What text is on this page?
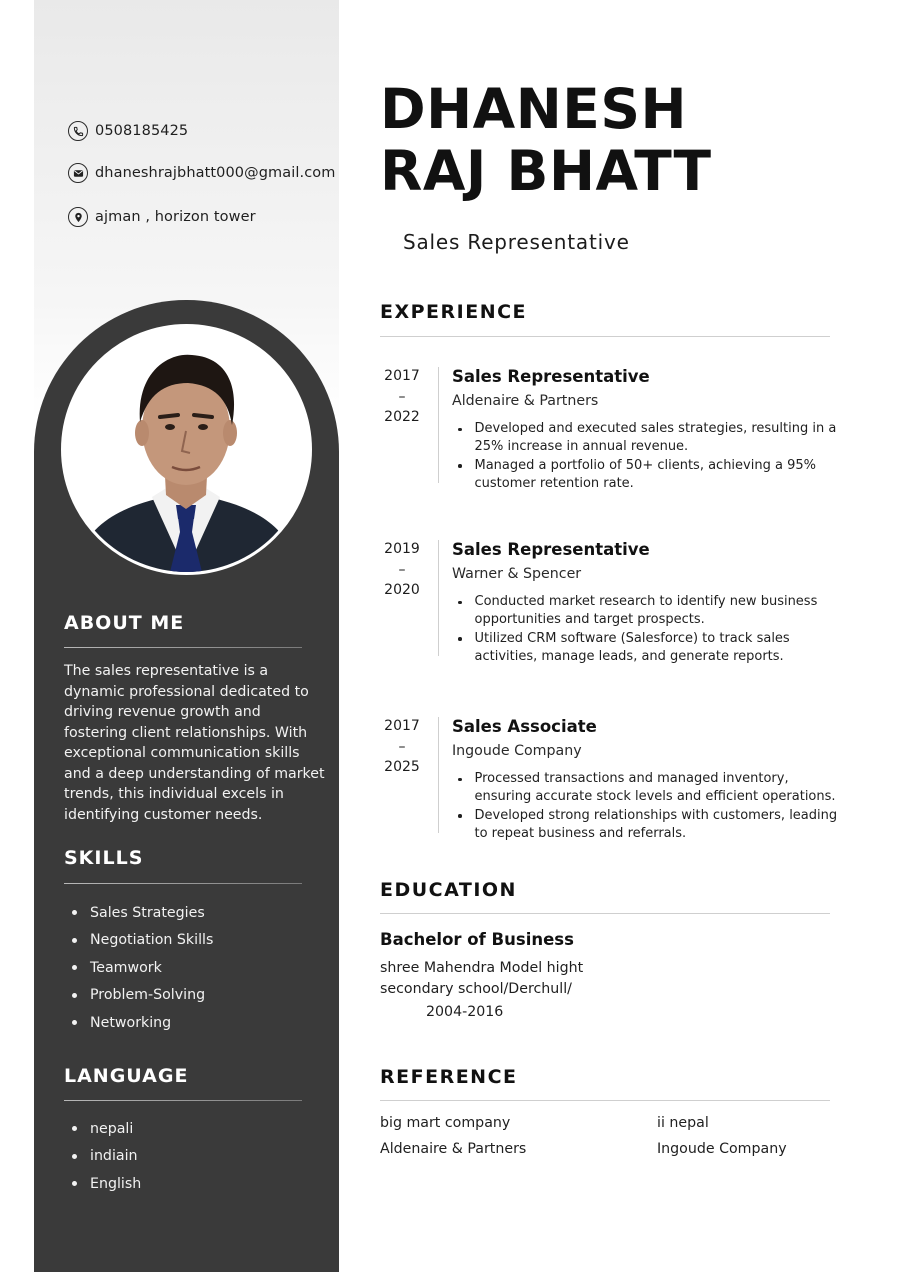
0508185425
dhaneshrajbhatt000@gmail.com
ajman , horizon tower
ABOUT ME
The sales representative is a dynamic professional dedicated to driving revenue growth and fostering client relationships. With exceptional communication skills and a deep understanding of market trends, this individual excels in identifying customer needs.
SKILLS
Sales Strategies
Negotiation Skills
Teamwork
Problem-Solving
Networking
LANGUAGE
nepali
indiain
English
DHANESH
RAJ BHATT
Sales Representative
EXPERIENCE
2017
–
2022
Sales Representative
Aldenaire & Partners
Developed and executed sales strategies, resulting in a 25% increase in annual revenue.
Managed a portfolio of 50+ clients, achieving a 95% customer retention rate.
2019
–
2020
Sales Representative
Warner & Spencer
Conducted market research to identify new business opportunities and target prospects.
Utilized CRM software (Salesforce) to track sales activities, manage leads, and generate reports.
2017
–
2025
Sales Associate
Ingoude Company
Processed transactions and managed inventory, ensuring accurate stock levels and efficient operations.
Developed strong relationships with customers, leading to repeat business and referrals.
EDUCATION
Bachelor of Business
shree Mahendra Model hight secondary school/Derchull/
2004-2016
REFERENCE
big mart company
Aldenaire & Partners
ii nepal
Ingoude Company
